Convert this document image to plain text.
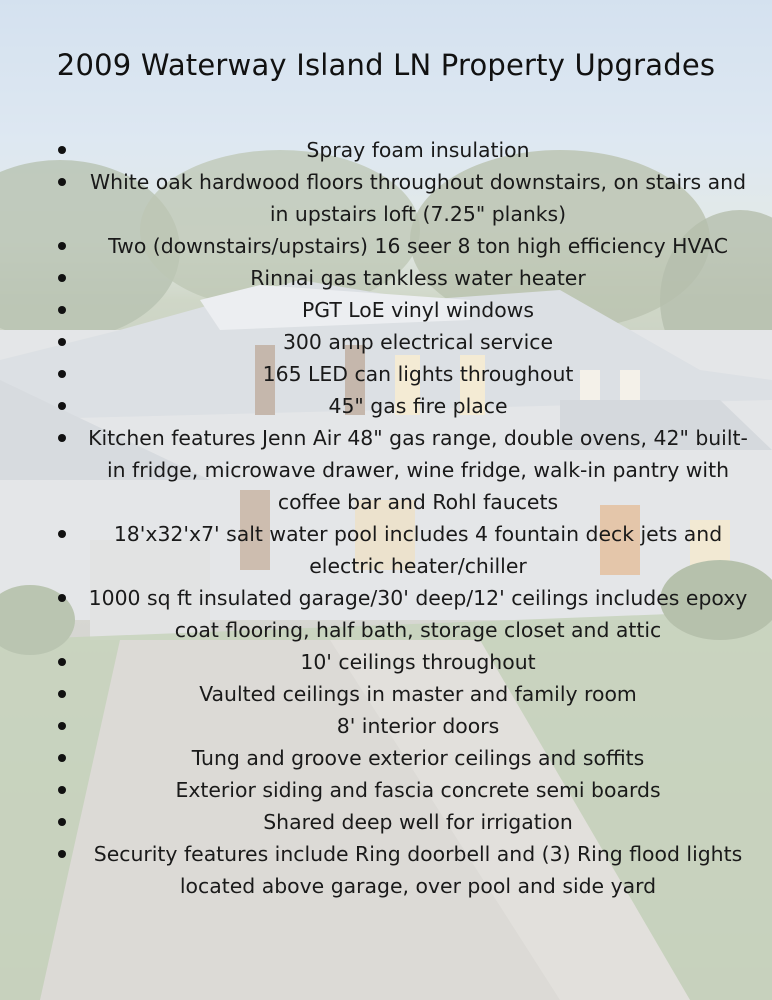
2009 Waterway Island LN Property Upgrades
Spray foam insulation
White oak hardwood floors throughout downstairs, on stairs and in upstairs loft (7.25" planks)
Two (downstairs/upstairs) 16 seer 8 ton high efficiency HVAC
Rinnai gas tankless water heater
PGT LoE vinyl windows
300 amp electrical service
165 LED can lights throughout
45" gas fire place
Kitchen features Jenn Air 48" gas range, double ovens, 42" built-in fridge, microwave drawer, wine fridge, walk-in pantry with coffee bar and Rohl faucets
18'x32'x7' salt water pool includes 4 fountain deck jets and electric heater/chiller
1000 sq ft insulated garage/30' deep/12' ceilings includes epoxy coat flooring, half bath, storage closet and attic
10' ceilings throughout
Vaulted ceilings in master and family room
8' interior doors
Tung and groove exterior ceilings and soffits
Exterior siding and fascia concrete semi boards
Shared deep well for irrigation
Security features include Ring doorbell and (3) Ring flood lights located above garage, over pool and side yard
